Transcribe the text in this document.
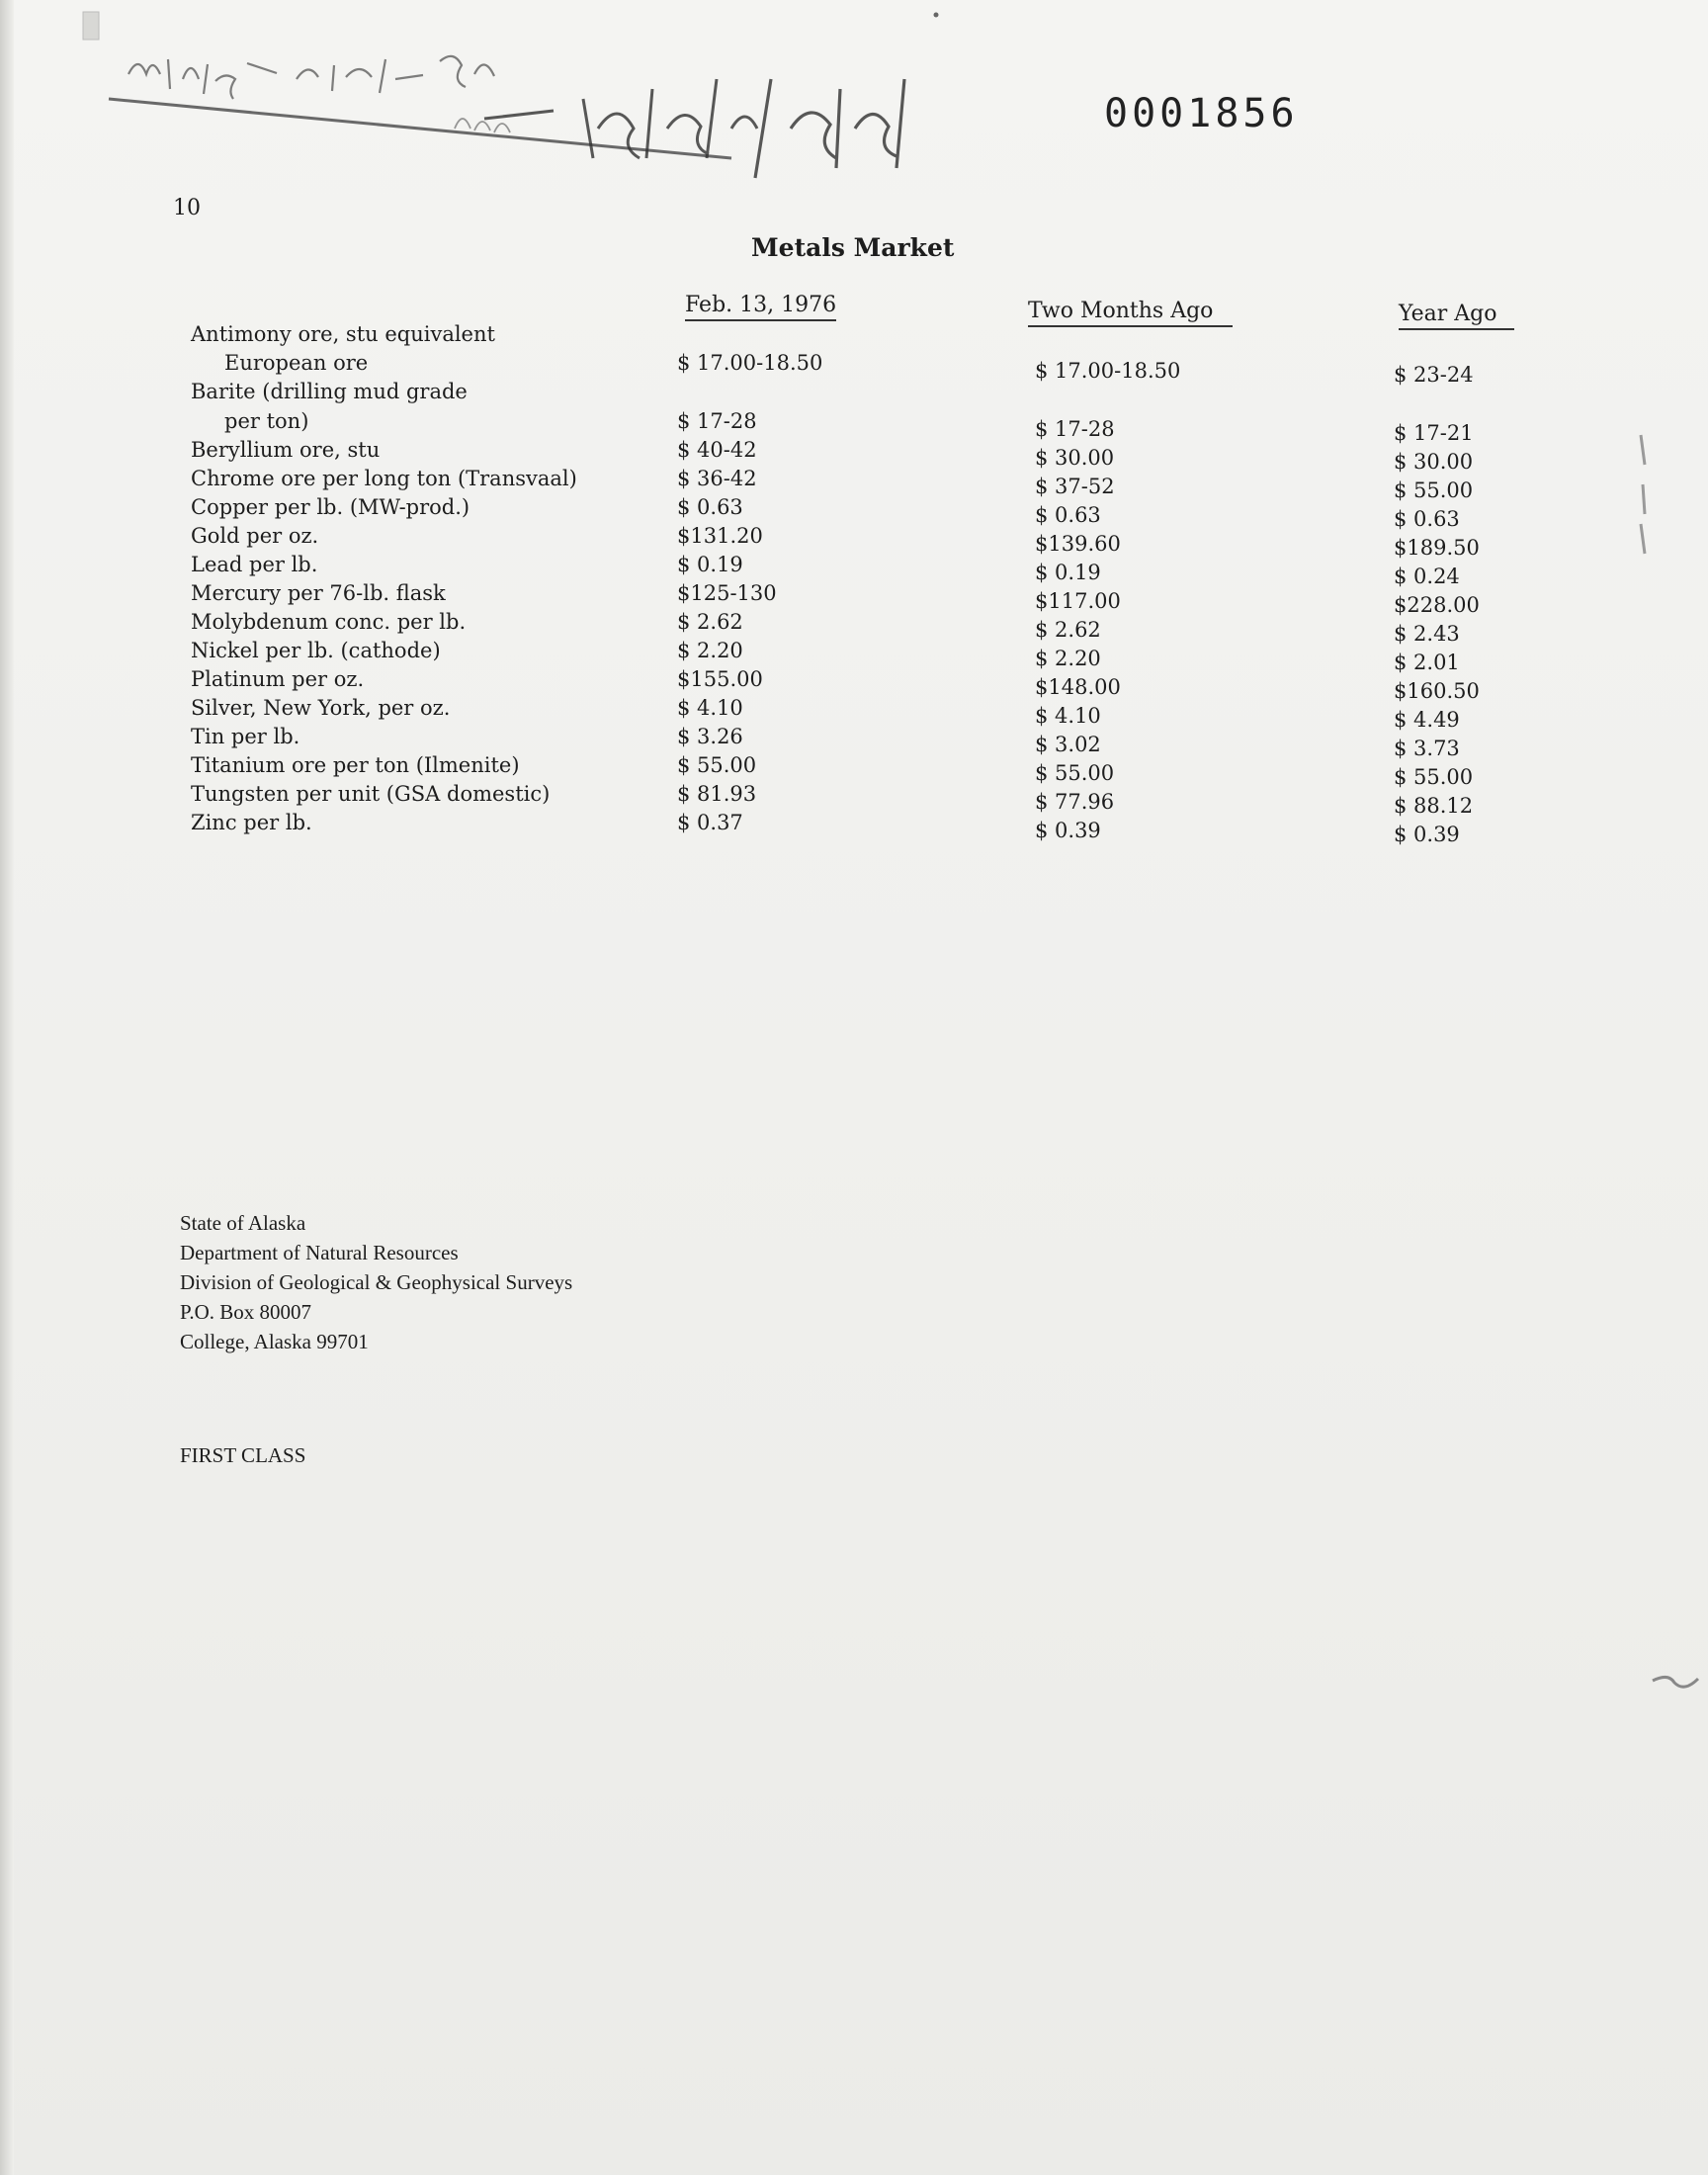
0001856
10
Metals Market
Feb. 13, 1976	Two Months Ago	Year Ago
Antimony ore, stu equivalent
European ore	$ 17.00-18.50	$ 17.00-18.50	$ 23-24
Barite (drilling mud grade
per ton)	$ 17-28	$ 17-28	$ 17-21
Beryllium ore, stu	$ 40-42	$ 30.00	$ 30.00
Chrome ore per long ton (Transvaal)	$ 36-42	$ 37-52	$ 55.00
Copper per lb. (MW-prod.)	$ 0.63	$ 0.63	$ 0.63
Gold per oz.	$131.20	$139.60	$189.50
Lead per lb.	$ 0.19	$ 0.19	$ 0.24
Mercury per 76-lb. flask	$125-130	$117.00	$228.00
Molybdenum conc. per lb.	$ 2.62	$ 2.62	$ 2.43
Nickel per lb. (cathode)	$ 2.20	$ 2.20	$ 2.01
Platinum per oz.	$155.00	$148.00	$160.50
Silver, New York, per oz.	$ 4.10	$ 4.10	$ 4.49
Tin per lb.	$ 3.26	$ 3.02	$ 3.73
Titanium ore per ton (Ilmenite)	$ 55.00	$ 55.00	$ 55.00
Tungsten per unit (GSA domestic)	$ 81.93	$ 77.96	$ 88.12
Zinc per lb.	$ 0.37	$ 0.39	$ 0.39
State of Alaska
Department of Natural Resources
Division of Geological & Geophysical Surveys
P.O. Box 80007
College, Alaska 99701
FIRST CLASS
